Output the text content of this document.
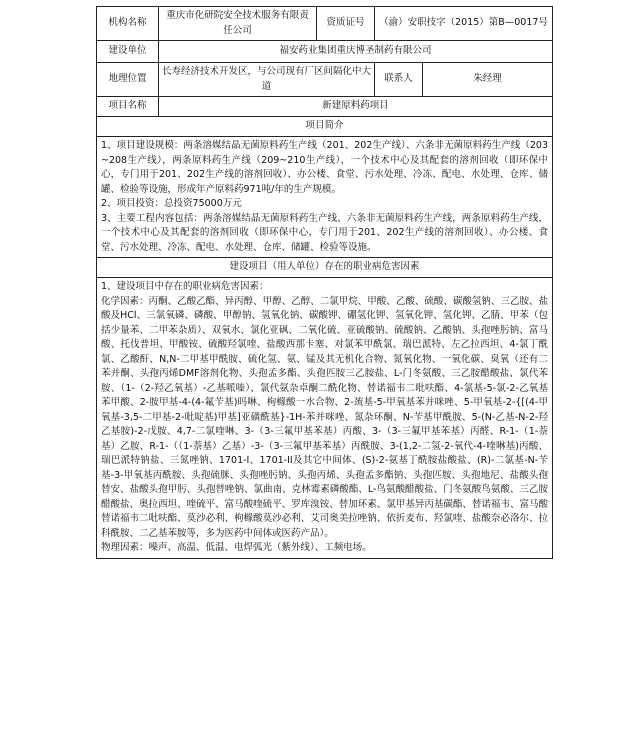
机构名称	重庆市化研院安全技术服务有限责任公司	资质证号	（渝）安职技字（2015）第B—0017号	
建设单位	福安药业集团重庆博圣制药有限公司			
地理位置	长寿经济技术开发区，与公司现有厂区间隔化中大道		联系人	朱经理
项目名称	新建原料药项目			
项目简介				

1、项目建设规模：两条溶媒结晶无菌原料药生产线（201、202生产线）、六条非无菌原料药生产线（203~208生产线），两条原料药生产线（209~210生产线），一个技术中心及其配套的溶剂回收（即环保中心，专门用于201、202生产线的溶剂回收）、办公楼、食堂、污水处理、冷冻、配电、水处理、仓库、储罐、检验等设施，形成年产原料药971吨/年的生产规模。
2、项目投资：总投资75000万元
3、主要工程内容包括：两条溶媒结晶无菌原料药生产线、六条非无菌原料药生产线，两条原料药生产线，一个技术中心及其配套的溶剂回收（即环保中心，专门用于201、202生产线的溶剂回收）、办公楼、食堂、污水处理、冷冻、配电、水处理、仓库、储罐、检验等设施。				

建设项目（用人单位）存在的职业病危害因素				

1、建设项目中存在的职业病危害因素：
化学因素：丙酮、乙酸乙酯、异丙醇、甲醇、乙醇、二氯甲烷、甲酸、乙酸、硫酸、碳酸氢钠、三乙胺、盐酸及HCl、三氯氧磷、磷酸、甲醇钠、氢氧化钠、碳酸钾、硼氢化钾、氢氧化钾、氢化钾、乙腈、甲苯（包括少量苯、二甲苯杂质）、双氧水、氯化亚砜、二氧化硫、亚硫酸钠、硫酸钠、乙酸钠、头孢唑肟钠、富马酸、托伐普坦、甲酸铵、硫酸羟氯喹、盐酸西那卡塞、对氯苯甲酰氯、瑞巴派特、左乙拉西坦、4-氯丁酰氯、乙酸酐、N,N-二甲基甲酰胺、硫化氢、氨、锰及其无机化合物、氮氧化物、一氧化碳、臭氧（还有二苯并酮、头孢丙烯DMF溶剂化物、头孢孟多酯、头孢匹胺三乙胺盐、L-门冬氨酸、三乙胺醋酸盐、氯代苯胺、（1-（2-羟乙氧基）-乙基哌嗪）、氯代氨杂卓酮二酰化物、替诺福韦二吡呋酯、4-氯基-5-氯-2-乙氧基苯甲酸、2-胺甲基-4-(4-氟苄基)吗啉、枸橼酸一水合物、2-巯基-5-甲氧基苯并咪唑、5-甲氧基-2-{[(4-甲氧基-3,5-二甲基-2-吡啶基)甲基]亚磺酰基}-1H-苯并咪唑、氮杂环酮、N-苄基甲酰胺、5-(N-乙基-N-2-羟乙基胺)-2-戊胺、4,7-二氯喹啉、3-（3-三氟甲基苯基）丙酸、3-（3-三氟甲基苯基）丙醛、R-1-（1-萘基）乙胺、R-1-（（1-萘基）乙基）-3-（3-三氟甲基苯基）丙酰胺、3-(1,2-二氢-2-氧代-4-喹啉基)丙酸、瑞巴派特钠盐、三氮唑钠、1701-I、1701-II及其它中间体、(S)-2-氨基丁酰胺盐酸盐、(R)-二氯基-N-苄基-3-甲氧基丙酰胺、头孢硫脒、头孢唑肟钠、头孢丙烯、头孢孟多酯钠、头孢匹胺、头孢地尼、盐酸头孢替安、盐酸头孢甲肟、头孢替唑钠、氯曲南、克林霉素磷酸酯、L-鸟氨酸醋酸盐、门冬氨酸鸟氨酸、三乙胺醋酸盐、奥拉西坦、喹硫平、富马酸喹硫平、罗库溴铵、替加环素、氯甲基异丙基碳酯、替诺福韦、富马酸替诺福韦二吡呋酯、莫沙必利、枸橼酸莫沙必利、艾司奥美拉唑钠、依折麦布、羟氯喹、盐酸奈必洛尔、拉科酰胺、二乙基苯胺等，多为医药中间体或医药产品）。
物理因素：噪声、高温、低温、电焊弧光（紫外线）、工频电场。				
